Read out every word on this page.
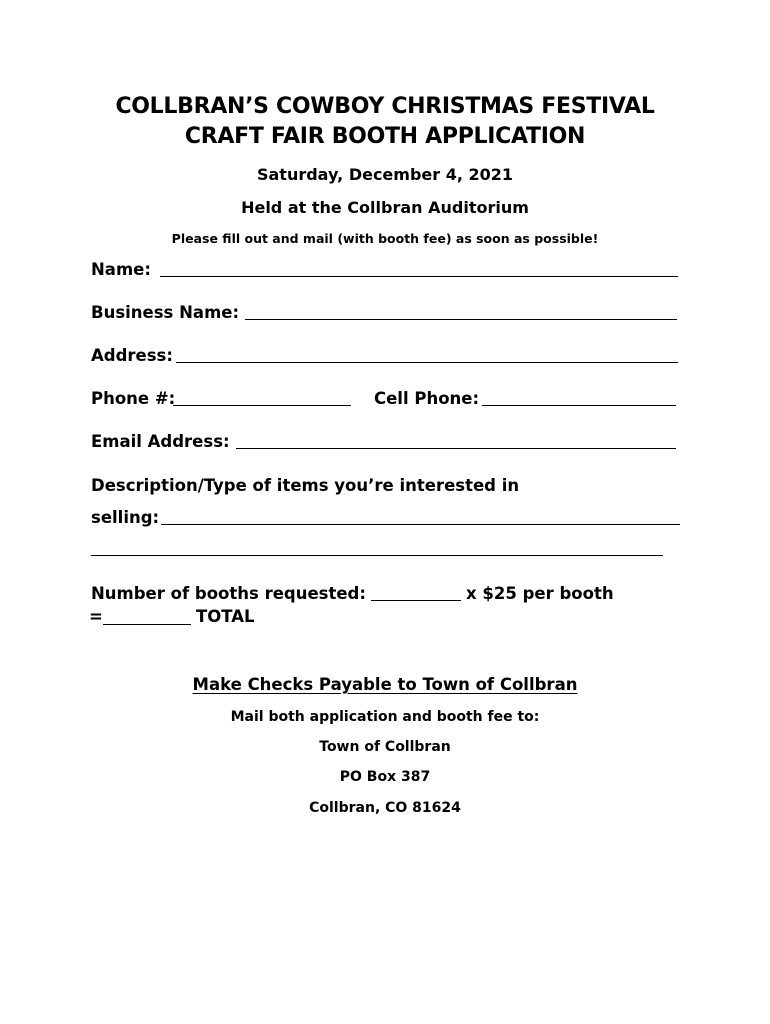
COLLBRAN’S COWBOY CHRISTMAS FESTIVAL
CRAFT FAIR BOOTH APPLICATION
Saturday, December 4, 2021
Held at the Collbran Auditorium
Please fill out and mail (with booth fee) as soon as possible!
Name:
Business Name:
Address:
Phone #:	Cell Phone:
Email Address:
Description/Type of items you’re interested in
selling:
Number of booths requested:	x $25 per booth
=	TOTAL
Make Checks Payable to Town of Collbran
Mail both application and booth fee to:
Town of Collbran
PO Box 387
Collbran, CO 81624
